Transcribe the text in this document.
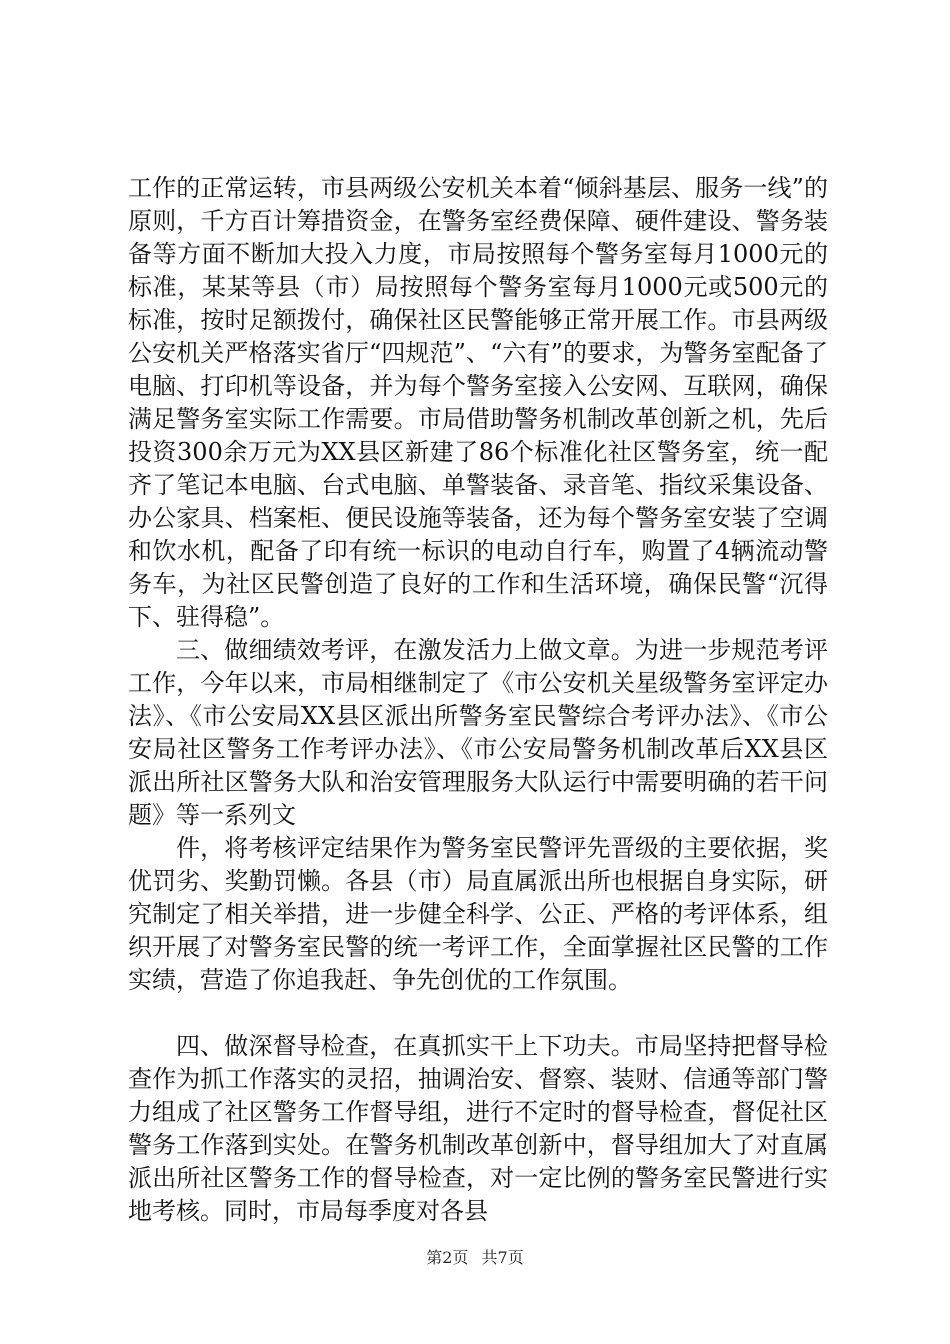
工作的正常运转，市县两级公安机关本着“倾斜基层、服务一线”的原则，千方百计筹措资金，在警务室经费保障、硬件建设、警务装备等方面不断加大投入力度，市局按照每个警务室每月1000元的标准，某某等县（市）局按照每个警务室每月1000元或500元的标准，按时足额拨付，确保社区民警能够正常开展工作。市县两级公安机关严格落实省厅“四规范”、“六有”的要求，为警务室配备了电脑、打印机等设备，并为每个警务室接入公安网、互联网，确保满足警务室实际工作需要。市局借助警务机制改革创新之机，先后投资300余万元为XX县区新建了86个标准化社区警务室，统一配齐了笔记本电脑、台式电脑、单警装备、录音笔、指纹采集设备、办公家具、档案柜、便民设施等装备，还为每个警务室安装了空调和饮水机，配备了印有统一标识的电动自行车，购置了4辆流动警务车，为社区民警创造了良好的工作和生活环境，确保民警“沉得下、驻得稳”。

三、做细绩效考评，在激发活力上做文章。为进一步规范考评工作，今年以来，市局相继制定了《市公安机关星级警务室评定办法》、《市公安局XX县区派出所警务室民警综合考评办法》、《市公安局社区警务工作考评办法》、《市公安局警务机制改革后XX县区派出所社区警务大队和治安管理服务大队运行中需要明确的若干问题》等一系列文

件，将考核评定结果作为警务室民警评先晋级的主要依据，奖优罚劣、奖勤罚懒。各县（市）局直属派出所也根据自身实际，研究制定了相关举措，进一步健全科学、公正、严格的考评体系，组织开展了对警务室民警的统一考评工作，全面掌握社区民警的工作实绩，营造了你追我赶、争先创优的工作氛围。

四、做深督导检查，在真抓实干上下功夫。市局坚持把督导检查作为抓工作落实的灵招，抽调治安、督察、装财、信通等部门警力组成了社区警务工作督导组，进行不定时的督导检查，督促社区警务工作落到实处。在警务机制改革创新中，督导组加大了对直属派出所社区警务工作的督导检查，对一定比例的警务室民警进行实地考核。同时，市局每季度对各县

第2页 共7页
